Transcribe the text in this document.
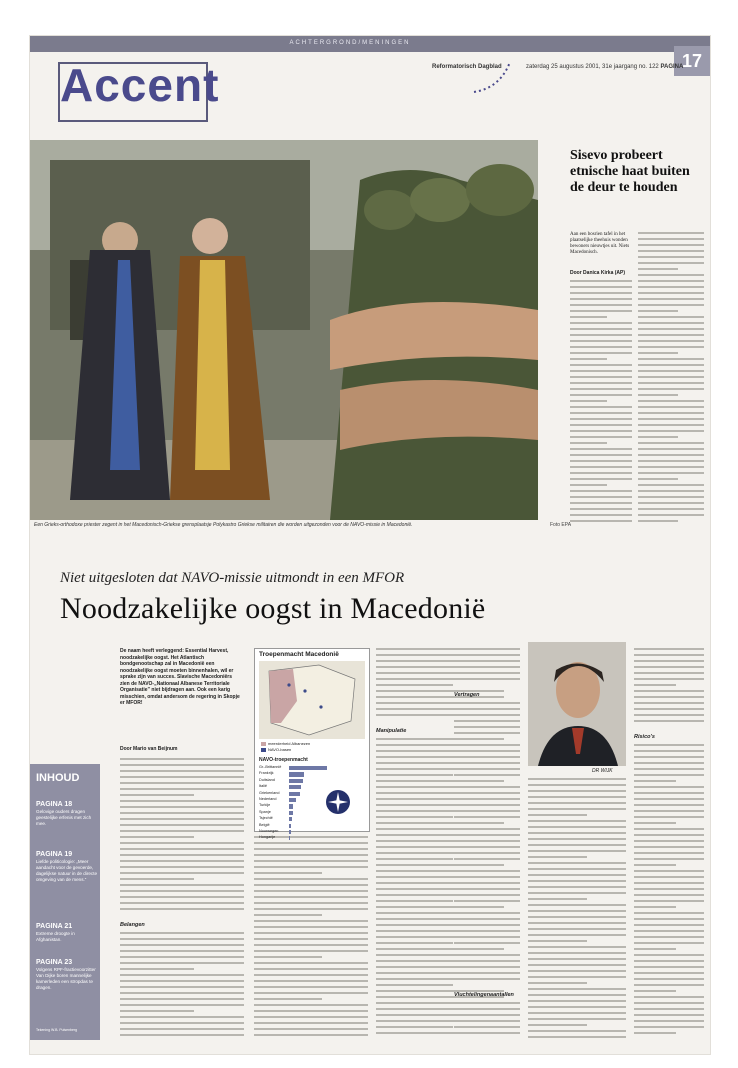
ACHTERGROND/MENINGEN
17
Accent	Reformatorisch Dagblad	zaterdag 25 augustus 2001, 31e jaargang no. 122 PAGINA
Een Grieks-orthodoxe priester zegent in het Macedonisch-Griekse grensplaatsje Polykastro Griekse militairen die worden uitgezonden voor de NAVO-missie in Macedonië.	Foto EPA
Sisevo probeert etnische haat buiten de deur te houden
Aan een bosrien tafel in het plaatselijke theehuis wonden bewoners nieuwtjes uit. Niets Macedonisch.
Door Danica Kirka (AP)
Niet uitgesloten dat NAVO-missie uitmondt in een MFOR
Noodzakelijke oogst in Macedonië
De naam heeft verleggend: Essential Harvest, noodzakelijke oogst. Het Atlantisch bondgenootschap zal in Macedonië een noodzakelijke oogst moeten binnenhalen, wil er sprake zijn van succes. Slavische Macedoniërs zien de NAVO-„Nationaal Albanese Territoriale Organisatie” niet bijdragen aan. Ook een karig misschien, omdat andersom de regering in Skopje er MFOR!
Door Mario van Beijnum
Belangen
Manipulatie
Vertragen
Vluchtelingenaantallen
Risico's
Troepenmacht Macedonië
meerderheid Albanezen
NAVO-basen
NAVO-troepenmacht
Gr.-Brittannië
Frankrijk
Duitsland
Italië
Griekenland
Nederland
Turkije
Spanje
Tsjechië
België
Noorwegen
Hongarije
INHOUD
PAGINA 18
Gelovige ouders dragen geestelijke erfenis met zich mee.
PAGINA 19
Liefde politicologie: „Meer aandacht voor de gevoerde, dagelijkse natuur in de directe omgeving van de mens.”
PAGINA 21
Extreme droogte in Afghanistan.
PAGINA 23
Volgens RPF-fractievoorzitter Van Dijke boren mannelijke kamerleden een stropdas te dragen.
Tekening W.B. Pulsenberg
DR WIJK
